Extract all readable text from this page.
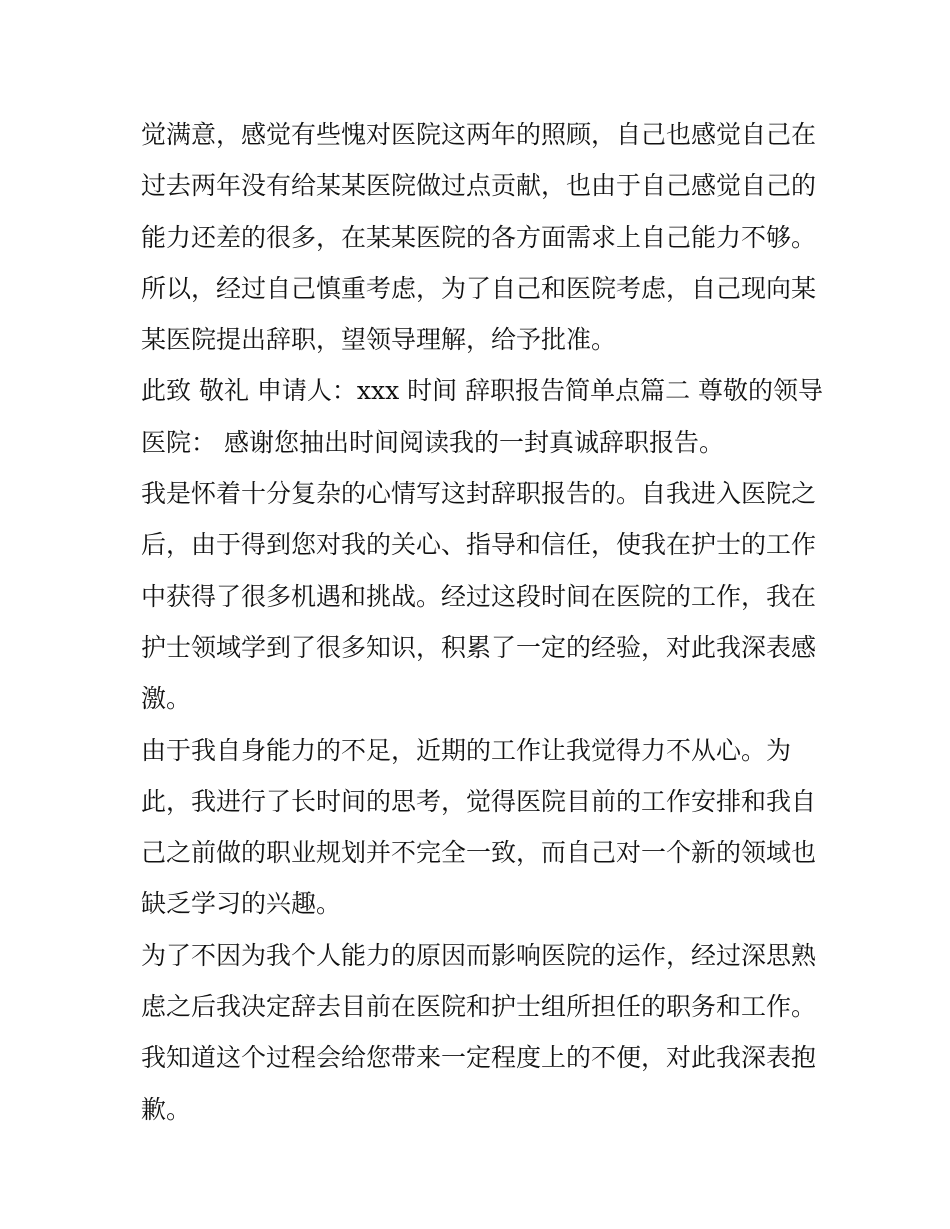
觉满意，感觉有些愧对医院这两年的照顾，自己也感觉自己在
过去两年没有给某某医院做过点贡献，也由于自己感觉自己的
能力还差的很多，在某某医院的各方面需求上自己能力不够。
所以，经过自己慎重考虑，为了自己和医院考虑，自己现向某
某医院提出辞职，望领导理解，给予批准。
此致 敬礼 申请人：xxx 时间 辞职报告简单点篇二 尊敬的领导
医院： 感谢您抽出时间阅读我的一封真诚辞职报告。
我是怀着十分复杂的心情写这封辞职报告的。自我进入医院之
后，由于得到您对我的关心、指导和信任，使我在护士的工作
中获得了很多机遇和挑战。经过这段时间在医院的工作，我在
护士领域学到了很多知识，积累了一定的经验，对此我深表感
激。
由于我自身能力的不足，近期的工作让我觉得力不从心。为
此，我进行了长时间的思考，觉得医院目前的工作安排和我自
己之前做的职业规划并不完全一致，而自己对一个新的领域也
缺乏学习的兴趣。
为了不因为我个人能力的原因而影响医院的运作，经过深思熟
虑之后我决定辞去目前在医院和护士组所担任的职务和工作。
我知道这个过程会给您带来一定程度上的不便，对此我深表抱
歉。
